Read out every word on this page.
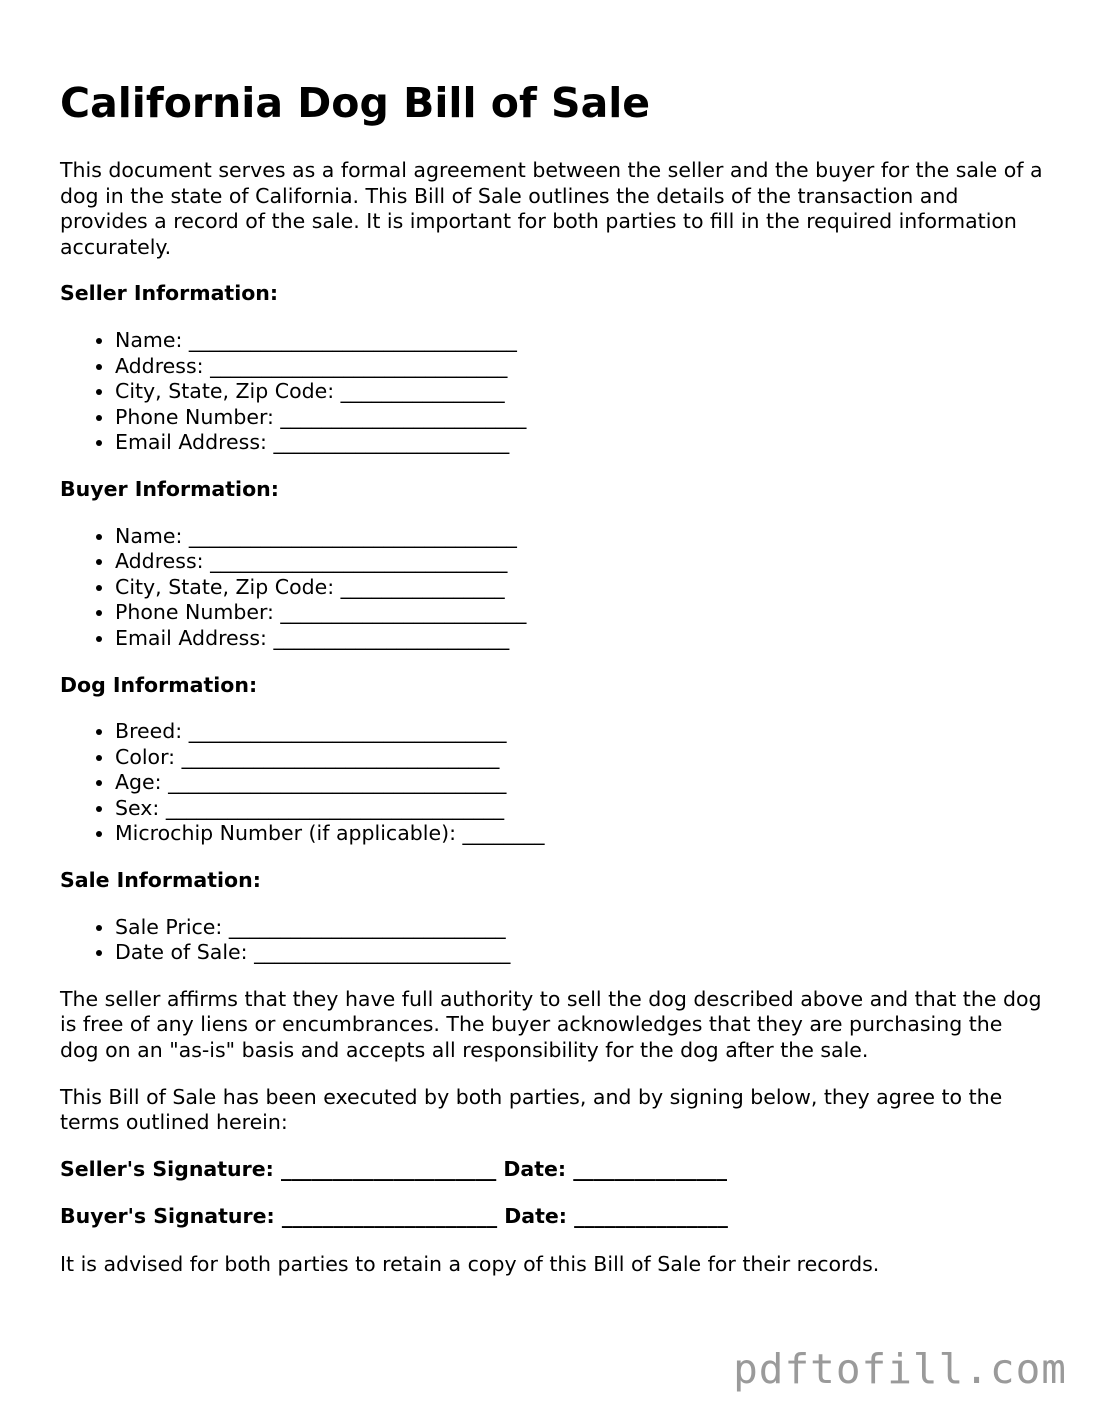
California Dog Bill of Sale

This document serves as a formal agreement between the seller and the buyer for the sale of a dog in the state of California. This Bill of Sale outlines the details of the transaction and provides a record of the sale. It is important for both parties to fill in the required information accurately.

Seller Information:
• Name: ________________________________
• Address: _____________________________
• City, State, Zip Code: ________________
• Phone Number: ________________________
• Email Address: _______________________
Buyer Information:
• Name: ________________________________
• Address: _____________________________
• City, State, Zip Code: ________________
• Phone Number: ________________________
• Email Address: _______________________
Dog Information:
• Breed: _______________________________
• Color: _______________________________
• Age: _________________________________
• Sex: _________________________________
• Microchip Number (if applicable): ________
Sale Information:
• Sale Price: ___________________________
• Date of Sale: _________________________

The seller affirms that they have full authority to sell the dog described above and that the dog is free of any liens or encumbrances. The buyer acknowledges that they are purchasing the dog on an "as-is" basis and accepts all responsibility for the dog after the sale.

This Bill of Sale has been executed by both parties, and by signing below, they agree to the terms outlined herein:

Seller's Signature: _____________________ Date: _______________
Buyer's Signature: _____________________ Date: _______________

It is advised for both parties to retain a copy of this Bill of Sale for their records.

pdftofill.com
